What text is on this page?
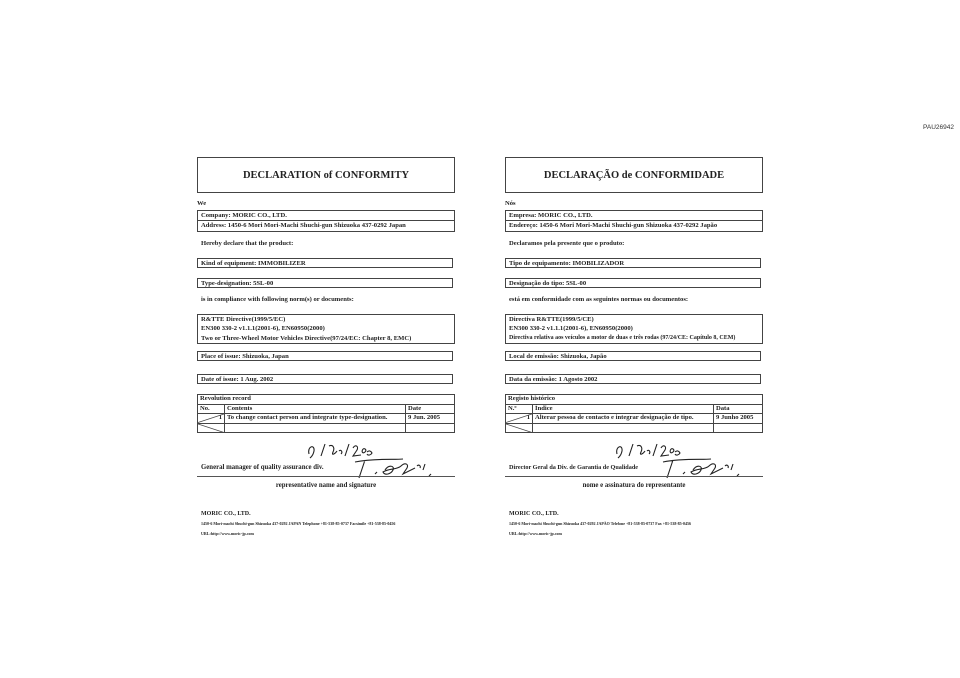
PAU26942
DECLARATION of CONFORMITY
We
Company: MORIC CO., LTD.
Address: 1450-6 Mori Mori-Machi Shuchi-gun Shizuoka 437-0292 Japan
Hereby declare that the product:
Kind of equipment: IMMOBILIZER
Type-designation: 5SL-00
is in compliance with following norm(s) or documents:
R&TTE Directive(1999/5/EC)
EN300 330-2 v1.1.1(2001-6), EN60950(2000)
Two or Three-Wheel Motor Vehicles Directive(97/24/EC: Chapter 8, EMC)
Place of issue: Shizuoka, Japan
Date of issue: 1 Aug. 2002
Revolution record		
No.	Contents	Date

1	To change contact person and integrate type-designation.	9 Jun. 2005

General manager of quality assurance div.
representative name and signature
MORIC CO., LTD.
1450-6 Mori-machi Shuchi-gun Shizuoka 437-0292 JAPAN Telephone +81-538-85-0737 Facsimile +81-538-85-0456
URL:http://www.moric-jp.com
DECLARAÇÃO de CONFORMIDADE
Nós
Empresa: MORIC CO., LTD.
Endereço: 1450-6 Mori Mori-Machi Shuchi-gun Shizuoka 437-0292 Japão
Declaramos pela presente que o produto:
Tipo de equipamento: IMOBILIZADOR
Designação do tipo: 5SL-00
está em conformidade com as seguintes normas ou documentos:
Directiva R&TTE(1999/5/CE)
EN300 330-2 v1.1.1(2001-6), EN60950(2000)
Directiva relativa aos veículos a motor de duas e três rodas (97/24/CE: Capítulo 8, CEM)
Local de emissão: Shizuoka, Japão
Data da emissão: 1 Agosto 2002
Registo histórico		
N.º	Índice	Data

1	Alterar pessoa de contacto e integrar designação de tipo.	9 Junho 2005

Director Geral da Div. de Garantia de Qualidade
nome e assinatura do representante
MORIC CO., LTD.
1450-6 Mori-machi Shuchi-gun Shizuoka 437-0292 JAPÃO Telefone +81-538-85-0737 Fax +81-538-85-0456
URL:http://www.moric-jp.com
